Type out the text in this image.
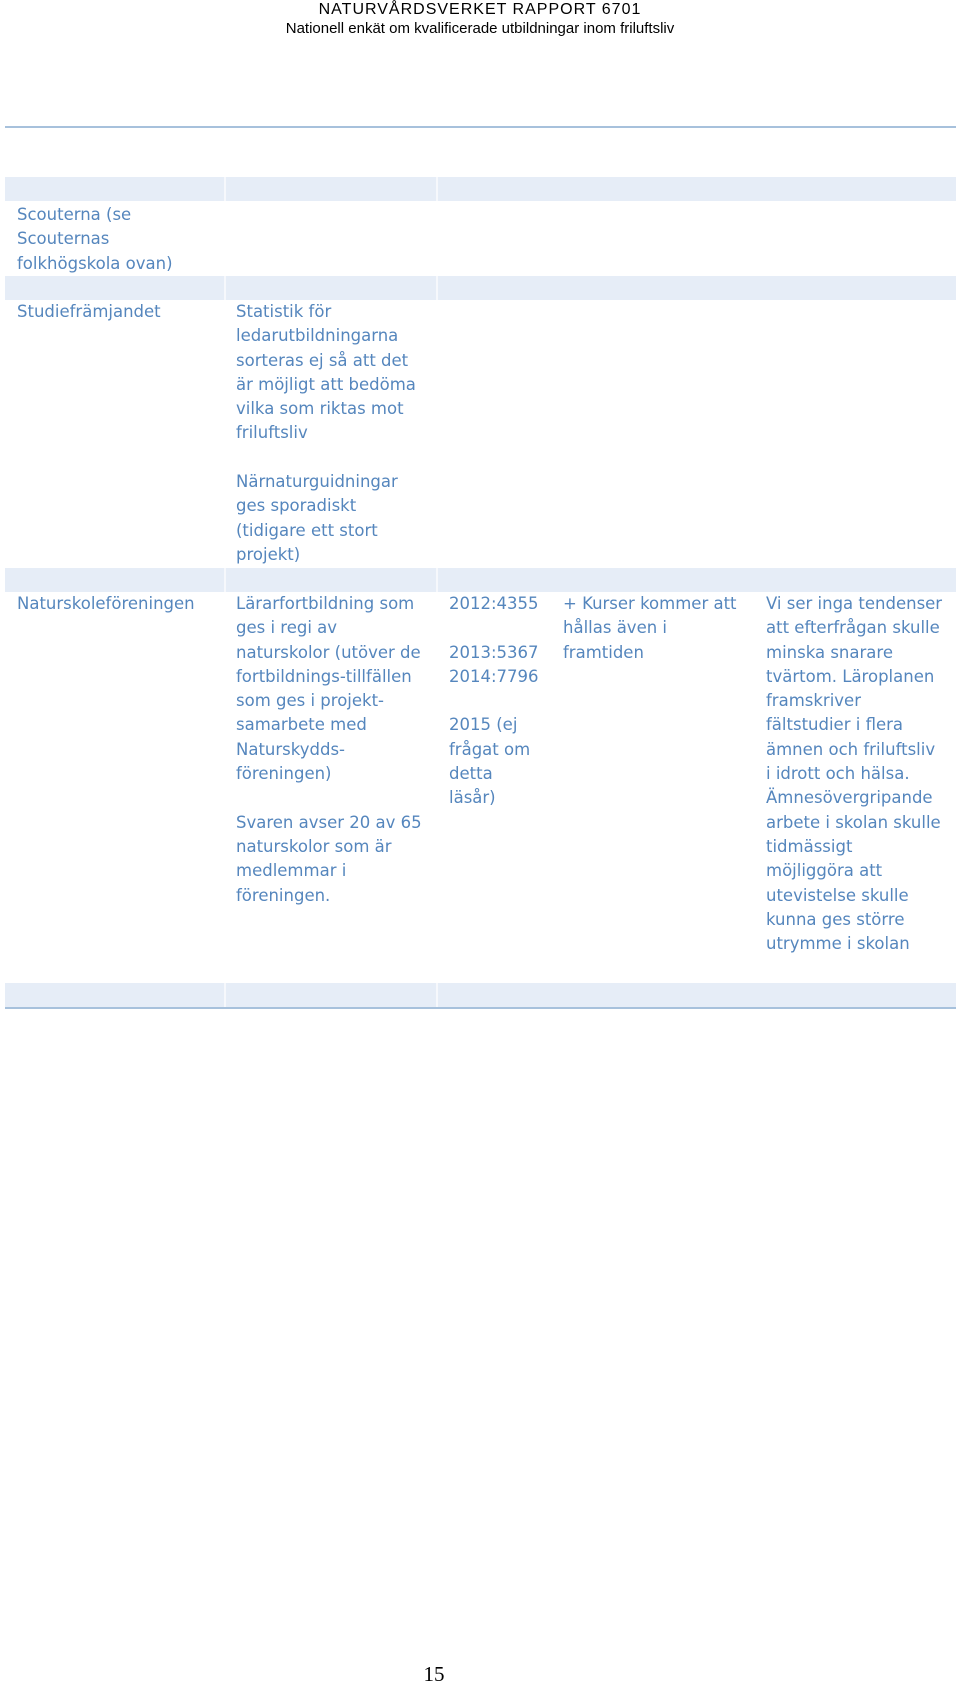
NATURVÅRDSVERKET RAPPORT 6701
Nationell enkät om kvalificerade utbildningar inom friluftsliv
Scouterna (se
Scouternas
folkhögskola ovan)
Studiefrämjandet	Statistik för
ledarutbildningarna
sorteras ej så att det
är möjligt att bedöma
vilka som riktas mot
friluftsliv

Närnaturguidningar
ges sporadiskt
(tidigare ett stort
projekt)
Naturskoleföreningen	Lärarfortbildning som
ges i regi av
naturskolor (utöver de
fortbildnings-tillfällen
som ges i projekt-
samarbete med
Naturskydds-
föreningen)

Svaren avser 20 av 65
naturskolor som är
medlemmar i
föreningen.
2012:4355

2013:5367
2014:7796

2015 (ej
frågat om
detta
läsår)
+ Kurser kommer att
hållas även i
framtiden
Vi ser inga tendenser
att efterfrågan skulle
minska snarare
tvärtom. Läroplanen
framskriver
fältstudier i flera
ämnen och friluftsliv
i idrott och hälsa.
Ämnesövergripande
arbete i skolan skulle
tidmässigt
möjliggöra att
utevistelse skulle
kunna ges större
utrymme i skolan
15
